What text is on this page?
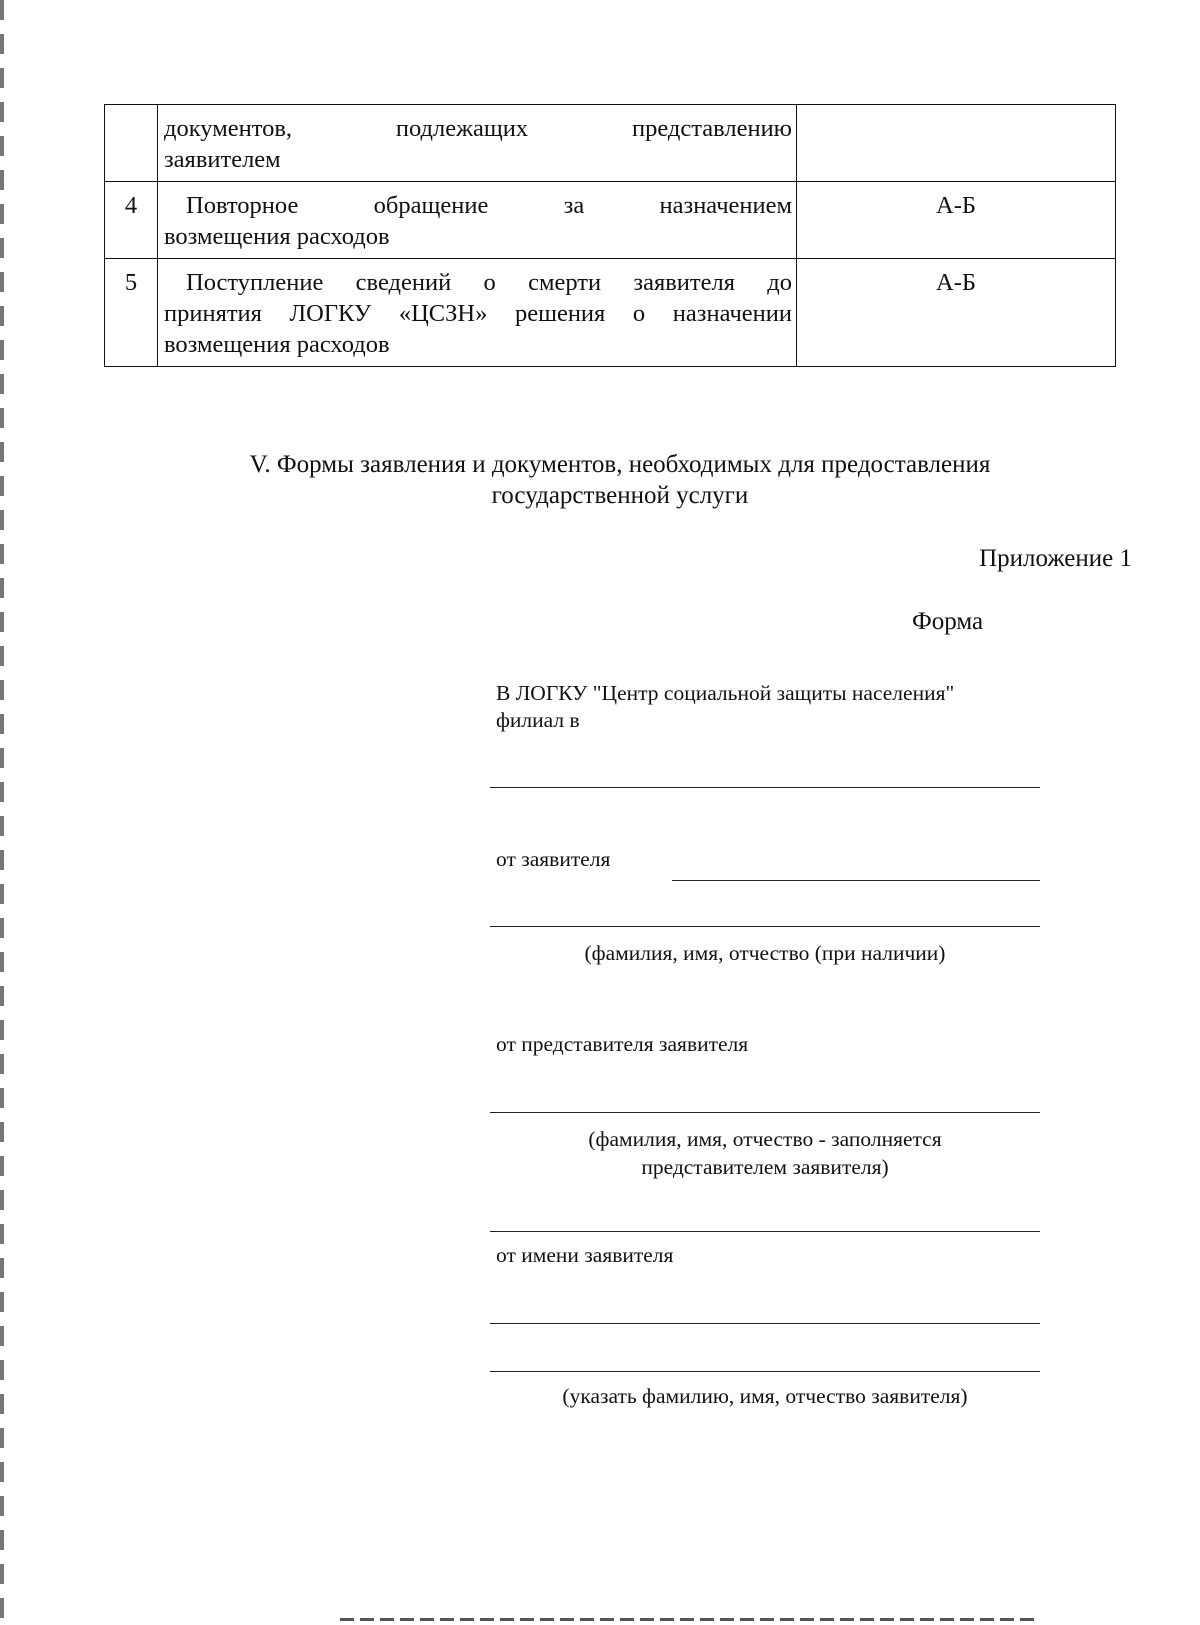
	документов, подлежащих представлению
заявителем	

4	Повторное обращение за назначением
возмещения расходов	А-Б
5	Поступление сведений о смерти заявителя до
принятия ЛОГКУ «ЦСЗН» решения о назначении
возмещения расходов	А-Б
V. Формы заявления и документов, необходимых для предоставления
государственной услуги
Приложение 1
Форма
В ЛОГКУ "Центр социальной защиты населения"
филиал в
от заявителя
(фамилия, имя, отчество (при наличии)
от представителя заявителя
(фамилия, имя, отчество - заполняется
представителем заявителя)
от имени заявителя
(указать фамилию, имя, отчество заявителя)
